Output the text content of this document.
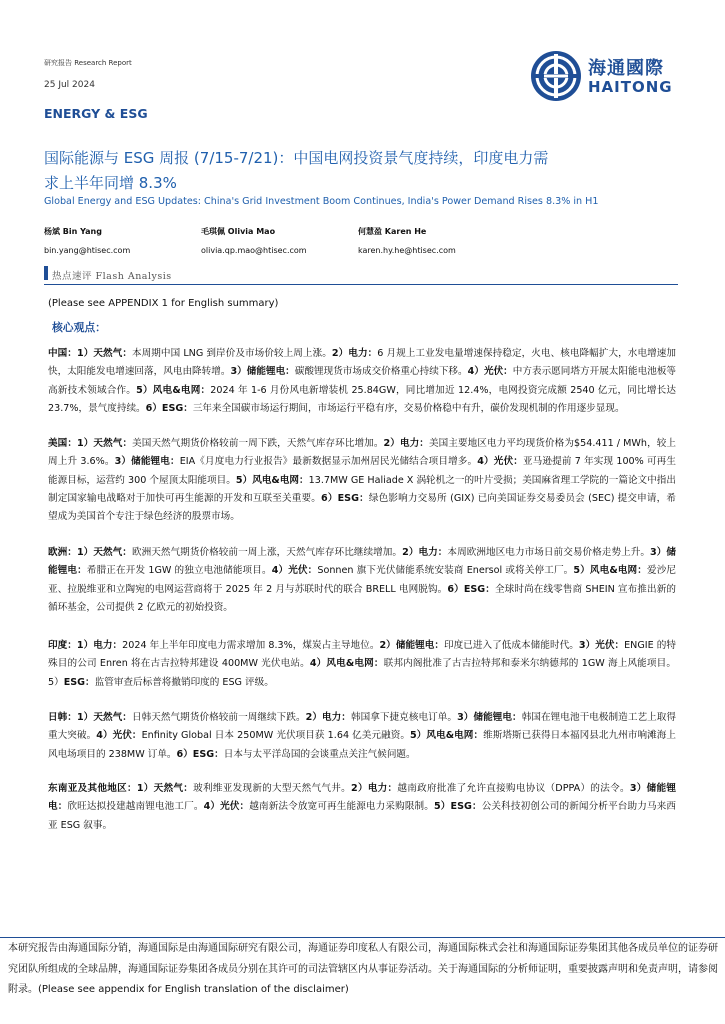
研究报告 Research Report
25 Jul 2024
ENERGY & ESG
海通國際
HAITONG
国际能源与 ESG 周报 (7/15-7/21)：中国电网投资景气度持续，印度电力需
求上半年同增 8.3%
Global Energy and ESG Updates: China's Grid Investment Boom Continues, India's Power Demand Rises 8.3% in H1
杨斌 Bin Yang
bin.yang@htisec.com
毛琪佩 Olivia Mao
olivia.qp.mao@htisec.com
何慧盈 Karen He
karen.hy.he@htisec.com
热点速评 Flash Analysis
(Please see APPENDIX 1 for English summary)
核心观点：
中国：1）天然气：本周期中国 LNG 到岸价及市场价较上周上涨。2）电力：6 月规上工业发电量增速保持稳定，火电、核电降幅扩大，水电增速加快，太阳能发电增速回落，风电由降转增。3）储能锂电：碳酸锂现货市场成交价格重心持续下移。4）光伏：中方表示愿同塔方开展太阳能电池板等高新技术领域合作。5）风电&电网：2024 年 1-6 月份风电新增装机 25.84GW，同比增加近 12.4%，电网投资完成额 2540 亿元，同比增长达 23.7%，景气度持续。6）ESG：三年来全国碳市场运行期间，市场运行平稳有序，交易价格稳中有升，碳价发现机制的作用逐步显现。
美国：1）天然气：美国天然气期货价格较前一周下跌，天然气库存环比增加。2）电力：美国主要地区电力平均现货价格为$54.411 / MWh，较上周上升 3.6%。3）储能锂电：EIA《月度电力行业报告》最新数据显示加州居民光储结合项目增多。4）光伏：亚马逊提前 7 年实现 100% 可再生能源目标，运营约 300 个屋顶太阳能项目。5）风电&电网：13.7MW GE Haliade X 涡轮机之一的叶片受损；美国麻省理工学院的一篇论文中指出制定国家输电战略对于加快可再生能源的开发和互联至关重要。6）ESG：绿色影响力交易所 (GIX) 已向美国证券交易委员会 (SEC) 提交申请，希望成为美国首个专注于绿色经济的股票市场。
欧洲：1）天然气：欧洲天然气期货价格较前一周上涨，天然气库存环比继续增加。2）电力：本周欧洲地区电力市场日前交易价格走势上升。3）储能锂电：希腊正在开发 1GW 的独立电池储能项目。4）光伏：Sonnen 旗下光伏储能系统安装商 Enersol 或将关停工厂。5）风电&电网：爱沙尼亚、拉脱维亚和立陶宛的电网运营商将于 2025 年 2 月与苏联时代的联合 BRELL 电网脱钩。6）ESG：全球时尚在线零售商 SHEIN 宣布推出新的循环基金，公司提供 2 亿欧元的初始投资。
印度：1）电力：2024 年上半年印度电力需求增加 8.3%，煤炭占主导地位。2）储能锂电：印度已进入了低成本储能时代。3）光伏：ENGIE 的特殊目的公司 Enren 将在古吉拉特邦建设 400MW 光伏电站。4）风电&电网：联邦内阁批准了古吉拉特邦和泰米尔纳德邦的 1GW 海上风能项目。5）ESG：监管审查后标普将撤销印度的 ESG 评级。
日韩：1）天然气：日韩天然气期货价格较前一周继续下跌。2）电力：韩国拿下捷克核电订单。3）储能锂电：韩国在锂电池干电极制造工艺上取得重大突破。4）光伏：Enfinity Global 日本 250MW 光伏项目获 1.64 亿美元融资。5）风电&电网：维斯塔斯已获得日本福冈县北九州市响滩海上风电场项目的 238MW 订单。6）ESG：日本与太平洋岛国的会谈重点关注气候问题。
东南亚及其他地区：1）天然气：玻利维亚发现新的大型天然气气井。2）电力：越南政府批准了允许直接购电协议（DPPA）的法令。3）储能锂电：欣旺达拟投建越南锂电池工厂。4）光伏：越南新法令放宽可再生能源电力采购限制。5）ESG：公关科技初创公司的新闻分析平台助力马来西亚 ESG 叙事。
本研究报告由海通国际分销，海通国际是由海通国际研究有限公司，海通证券印度私人有限公司，海通国际株式会社和海通国际证券集团其他各成员单位的证券研究团队所组成的全球品牌，海通国际证券集团各成员分别在其许可的司法管辖区内从事证券活动。关于海通国际的分析师证明，重要披露声明和免责声明，请参阅附录。(Please see appendix for English translation of the disclaimer)
